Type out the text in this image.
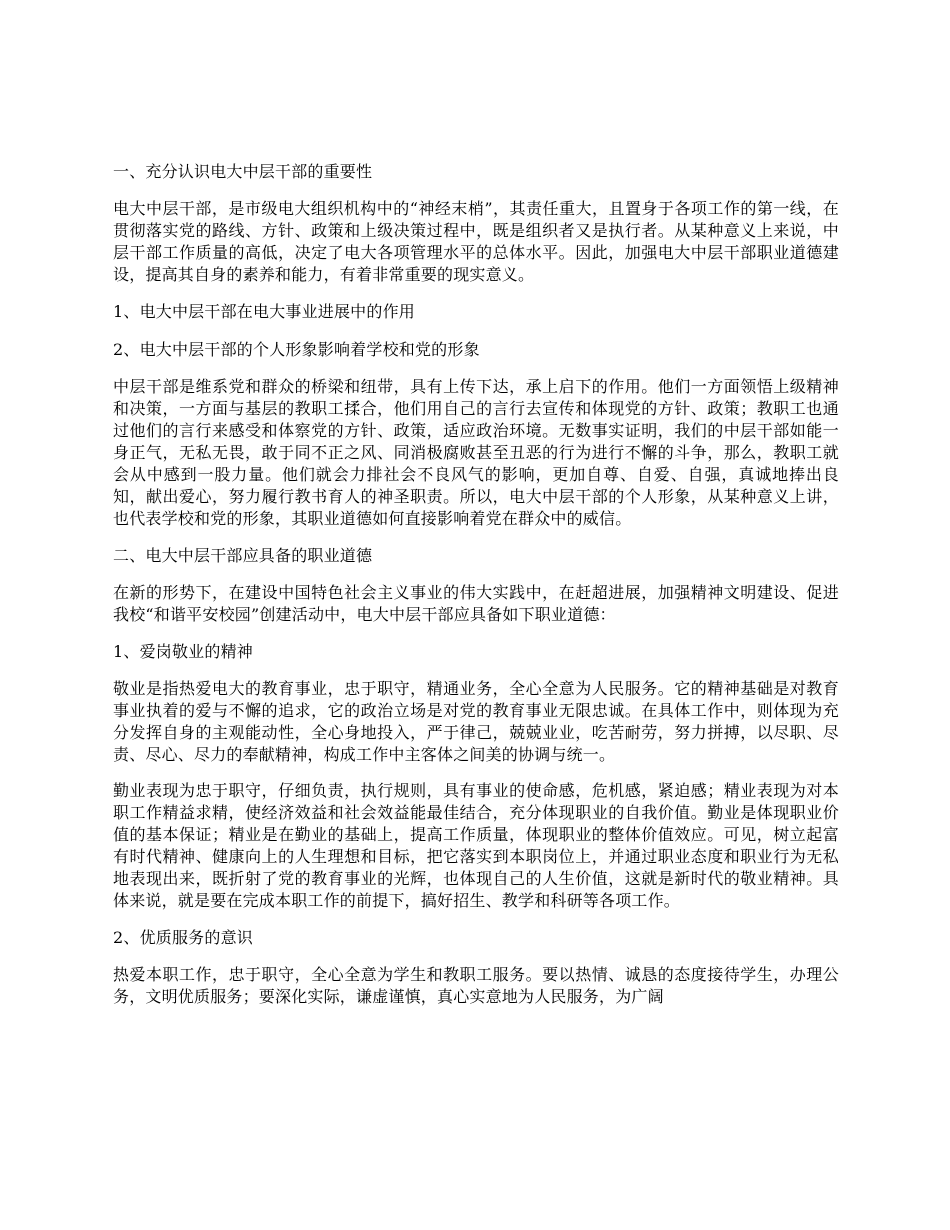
一、充分认识电大中层干部的重要性

电大中层干部，是市级电大组织机构中的“神经末梢”，其责任重大，且置身于各项工作的第一线，在贯彻落实党的路线、方针、政策和上级决策过程中，既是组织者又是执行者。从某种意义上来说，中层干部工作质量的高低，决定了电大各项管理水平的总体水平。因此，加强电大中层干部职业道德建设，提高其自身的素养和能力，有着非常重要的现实意义。

1、电大中层干部在电大事业进展中的作用

2、电大中层干部的个人形象影响着学校和党的形象

中层干部是维系党和群众的桥梁和纽带，具有上传下达，承上启下的作用。他们一方面领悟上级精神和决策，一方面与基层的教职工揉合，他们用自己的言行去宣传和体现党的方针、政策；教职工也通过他们的言行来感受和体察党的方针、政策，适应政治环境。无数事实证明，我们的中层干部如能一身正气，无私无畏，敢于同不正之风、同消极腐败甚至丑恶的行为进行不懈的斗争，那么，教职工就会从中感到一股力量。他们就会力排社会不良风气的影响，更加自尊、自爱、自强，真诚地捧出良知，献出爱心，努力履行教书育人的神圣职责。所以，电大中层干部的个人形象，从某种意义上讲，也代表学校和党的形象，其职业道德如何直接影响着党在群众中的威信。

二、电大中层干部应具备的职业道德

在新的形势下，在建设中国特色社会主义事业的伟大实践中，在赶超进展，加强精神文明建设、促进我校“和谐平安校园”创建活动中，电大中层干部应具备如下职业道德：

1、爱岗敬业的精神

敬业是指热爱电大的教育事业，忠于职守，精通业务，全心全意为人民服务。它的精神基础是对教育事业执着的爱与不懈的追求，它的政治立场是对党的教育事业无限忠诚。在具体工作中，则体现为充分发挥自身的主观能动性，全心身地投入，严于律己，兢兢业业，吃苦耐劳，努力拼搏，以尽职、尽责、尽心、尽力的奉献精神，构成工作中主客体之间美的协调与统一。

勤业表现为忠于职守，仔细负责，执行规则，具有事业的使命感，危机感，紧迫感；精业表现为对本职工作精益求精，使经济效益和社会效益能最佳结合，充分体现职业的自我价值。勤业是体现职业价值的基本保证；精业是在勤业的基础上，提高工作质量，体现职业的整体价值效应。可见，树立起富有时代精神、健康向上的人生理想和目标，把它落实到本职岗位上，并通过职业态度和职业行为无私地表现出来，既折射了党的教育事业的光辉，也体现自己的人生价值，这就是新时代的敬业精神。具体来说，就是要在完成本职工作的前提下，搞好招生、教学和科研等各项工作。

2、优质服务的意识

热爱本职工作，忠于职守，全心全意为学生和教职工服务。要以热情、诚恳的态度接待学生，办理公务，文明优质服务；要深化实际，谦虚谨慎，真心实意地为人民服务，为广阔
